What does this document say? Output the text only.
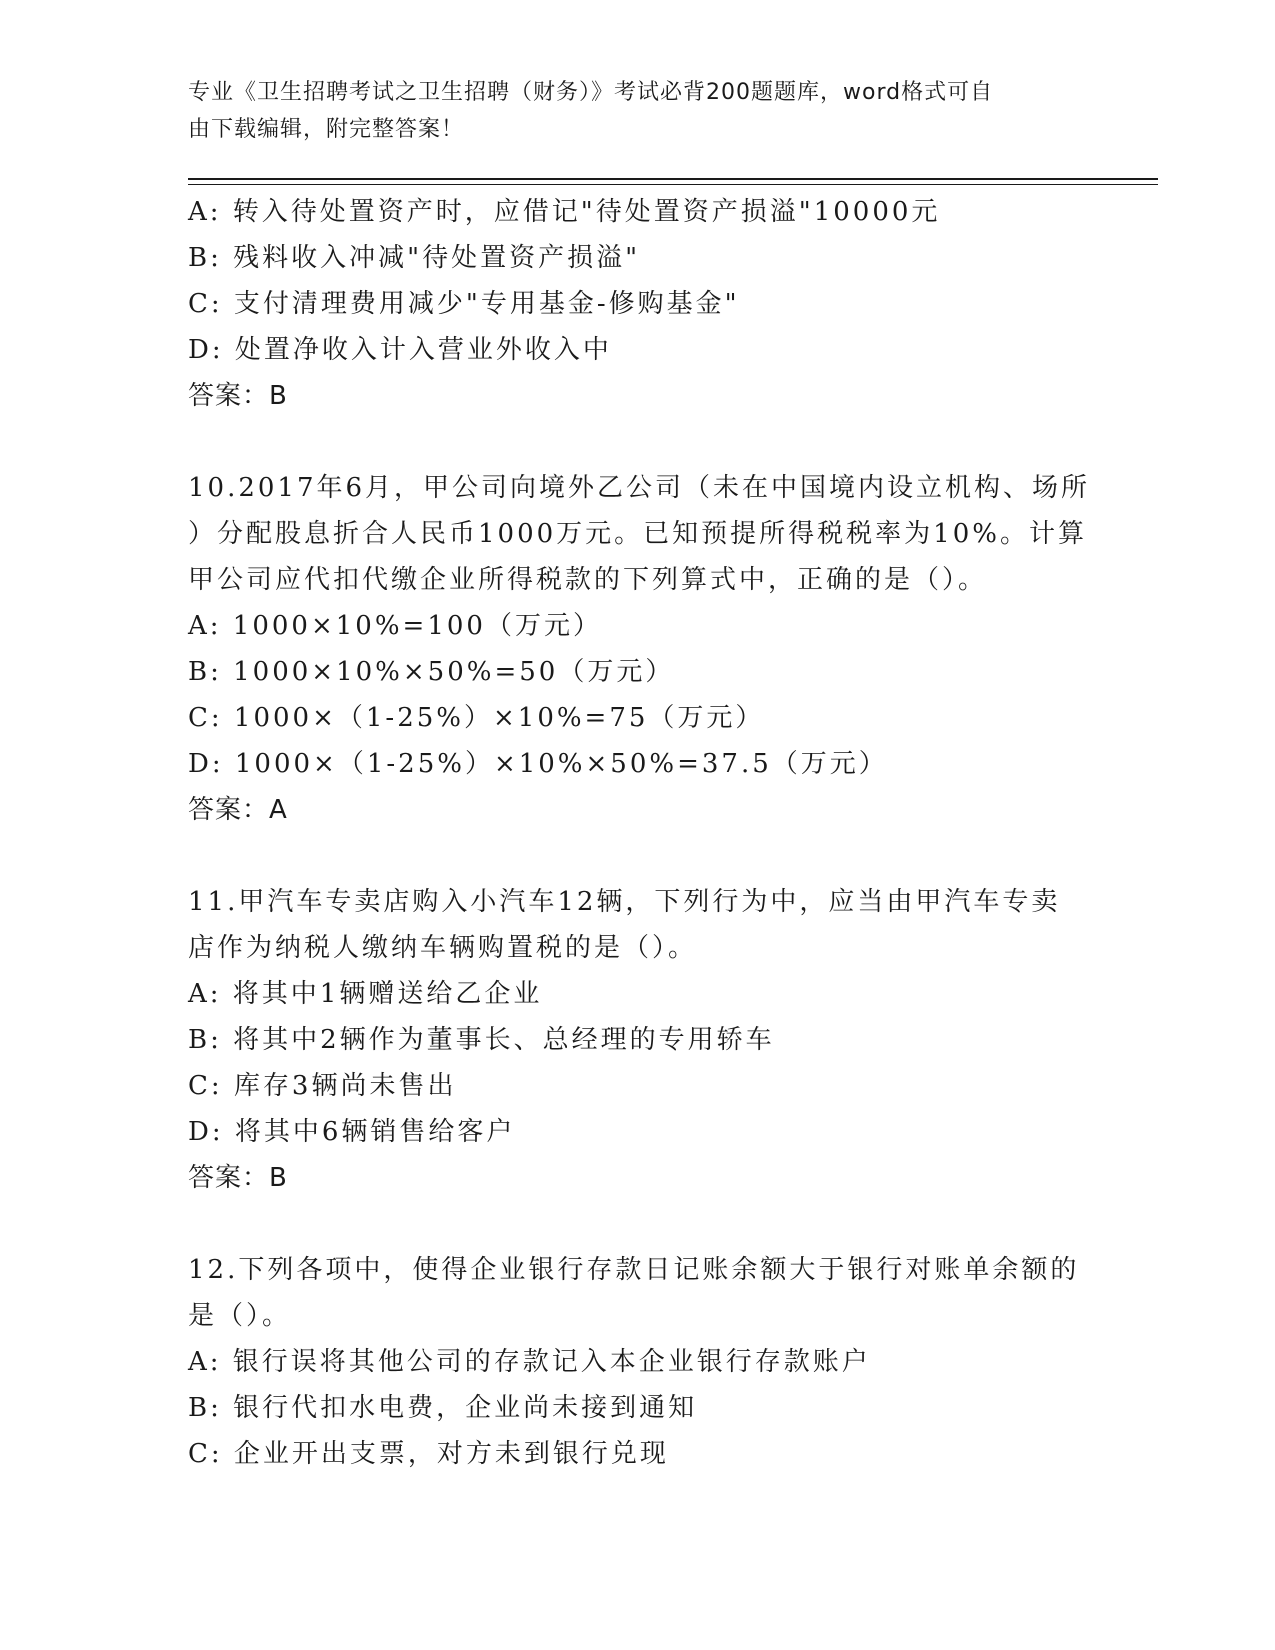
专业《卫生招聘考试之卫生招聘（财务）》考试必背200题题库，word格式可自
由下载编辑，附完整答案！
A: 转入待处置资产时，应借记"待处置资产损溢"10000元
B: 残料收入冲减"待处置资产损溢"
C: 支付清理费用减少"专用基金-修购基金"
D: 处置净收入计入营业外收入中
答案：B
10.2017年6月，甲公司向境外乙公司（未在中国境内设立机构、场所
）分配股息折合人民币1000万元。已知预提所得税税率为10%。计算
甲公司应代扣代缴企业所得税款的下列算式中，正确的是（）。
A: 1000×10%=100（万元）
B: 1000×10%×50%=50（万元）
C: 1000×（1-25%）×10%=75（万元）
D: 1000×（1-25%）×10%×50%=37.5（万元）
答案：A
11.甲汽车专卖店购入小汽车12辆，下列行为中，应当由甲汽车专卖
店作为纳税人缴纳车辆购置税的是（）。
A: 将其中1辆赠送给乙企业
B: 将其中2辆作为董事长、总经理的专用轿车
C: 库存3辆尚未售出
D: 将其中6辆销售给客户
答案：B
12.下列各项中，使得企业银行存款日记账余额大于银行对账单余额的
是（）。
A: 银行误将其他公司的存款记入本企业银行存款账户
B: 银行代扣水电费，企业尚未接到通知
C: 企业开出支票，对方未到银行兑现
